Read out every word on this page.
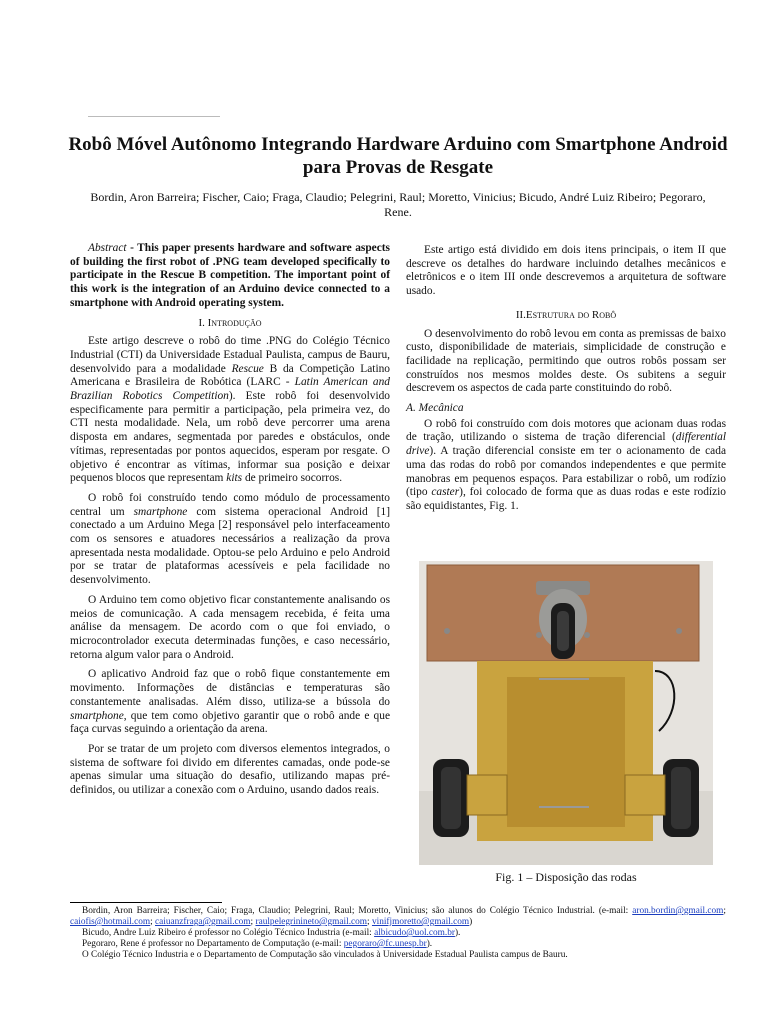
Robô Móvel Autônomo Integrando Hardware Arduino com Smartphone Android para Provas de Resgate
Bordin, Aron Barreira; Fischer, Caio; Fraga, Claudio; Pelegrini, Raul; Moretto, Vinicius; Bicudo, André Luiz Ribeiro; Pegoraro, Rene.

Abstract - This paper presents hardware and software aspects of building the first robot of .PNG team developed specifically to participate in the Rescue B competition. The important point of this work is the integration of an Arduino device connected to a smartphone with Android operating system.

I. Introdução

Este artigo descreve o robô do time .PNG do Colégio Técnico Industrial (CTI) da Universidade Estadual Paulista, campus de Bauru, desenvolvido para a modalidade Rescue B da Competição Latino Americana e Brasileira de Robótica (LARC - Latin American and Brazilian Robotics Competition). Este robô foi desenvolvido especificamente para permitir a participação, pela primeira vez, do CTI nesta modalidade. Nela, um robô deve percorrer uma arena disposta em andares, segmentada por paredes e obstáculos, onde vítimas, representadas por pontos aquecidos, esperam por resgate. O objetivo é encontrar as vítimas, informar sua posição e deixar pequenos blocos que representam kits de primeiro socorros.

O robô foi construído tendo como módulo de processamento central um smartphone com sistema operacional Android [1] conectado a um Arduino Mega [2] responsável pelo interfaceamento com os sensores e atuadores necessários a realização da prova apresentada nesta modalidade. Optou-se pelo Arduino e pelo Android por se tratar de plataformas acessíveis e pela facilidade no desenvolvimento.

O Arduino tem como objetivo ficar constantemente analisando os meios de comunicação. A cada mensagem recebida, é feita uma análise da mensagem. De acordo com o que foi enviado, o microcontrolador executa determinadas funções, e caso necessário, retorna algum valor para o Android.

O aplicativo Android faz que o robô fique constantemente em movimento. Informações de distâncias e temperaturas são constantemente analisadas. Além disso, utiliza-se a bússola do smartphone, que tem como objetivo garantir que o robô ande e que faça curvas seguindo a orientação da arena.

Por se tratar de um projeto com diversos elementos integrados, o sistema de software foi divido em diferentes camadas, onde pode-se apenas simular uma situação do desafio, utilizando mapas pré-definidos, ou utilizar a conexão com o Arduino, usando dados reais.

Este artigo está dividido em dois itens principais, o item II que descreve os detalhes do hardware incluindo detalhes mecânicos e eletrônicos e o item III onde descrevemos a arquitetura de software usado.

II.Estrutura do Robô

O desenvolvimento do robô levou em conta as premissas de baixo custo, disponibilidade de materiais, simplicidade de construção e facilidade na replicação, permitindo que outros robôs possam ser construídos nos mesmos moldes deste. Os subitens a seguir descrevem os aspectos de cada parte constituindo do robô.

A. Mecânica

O robô foi construído com dois motores que acionam duas rodas de tração, utilizando o sistema de tração diferencial (differential drive). A tração diferencial consiste em ter o acionamento de cada uma das rodas do robô por comandos independentes e que permite manobras em pequenos espaços. Para estabilizar o robô, um rodízio (tipo caster), foi colocado de forma que as duas rodas e este rodízio são equidistantes, Fig. 1.

Fig. 1 – Disposição das rodas
Bordin, Aron Barreira; Fischer, Caio; Fraga, Claudio; Pelegrini, Raul; Moretto, Vinicius; são alunos do Colégio Técnico Industrial. (e-mail: aron.bordin@gmail.com; caiofis@hotmail.com; caiuanzfraga@gmail.com; raulpelegrinineto@gmail.com; vinifjmoretto@gmail.com)
Bicudo, Andre Luiz Ribeiro é professor no Colégio Técnico Industria (e-mail: albicudo@uol.com.br).
Pegoraro, Rene é professor no Departamento de Computação (e-mail: pegoraro@fc.unesp.br).
O Colégio Técnico Industria e o Departamento de Computação são vinculados à Universidade Estadual Paulista campus de Bauru.
